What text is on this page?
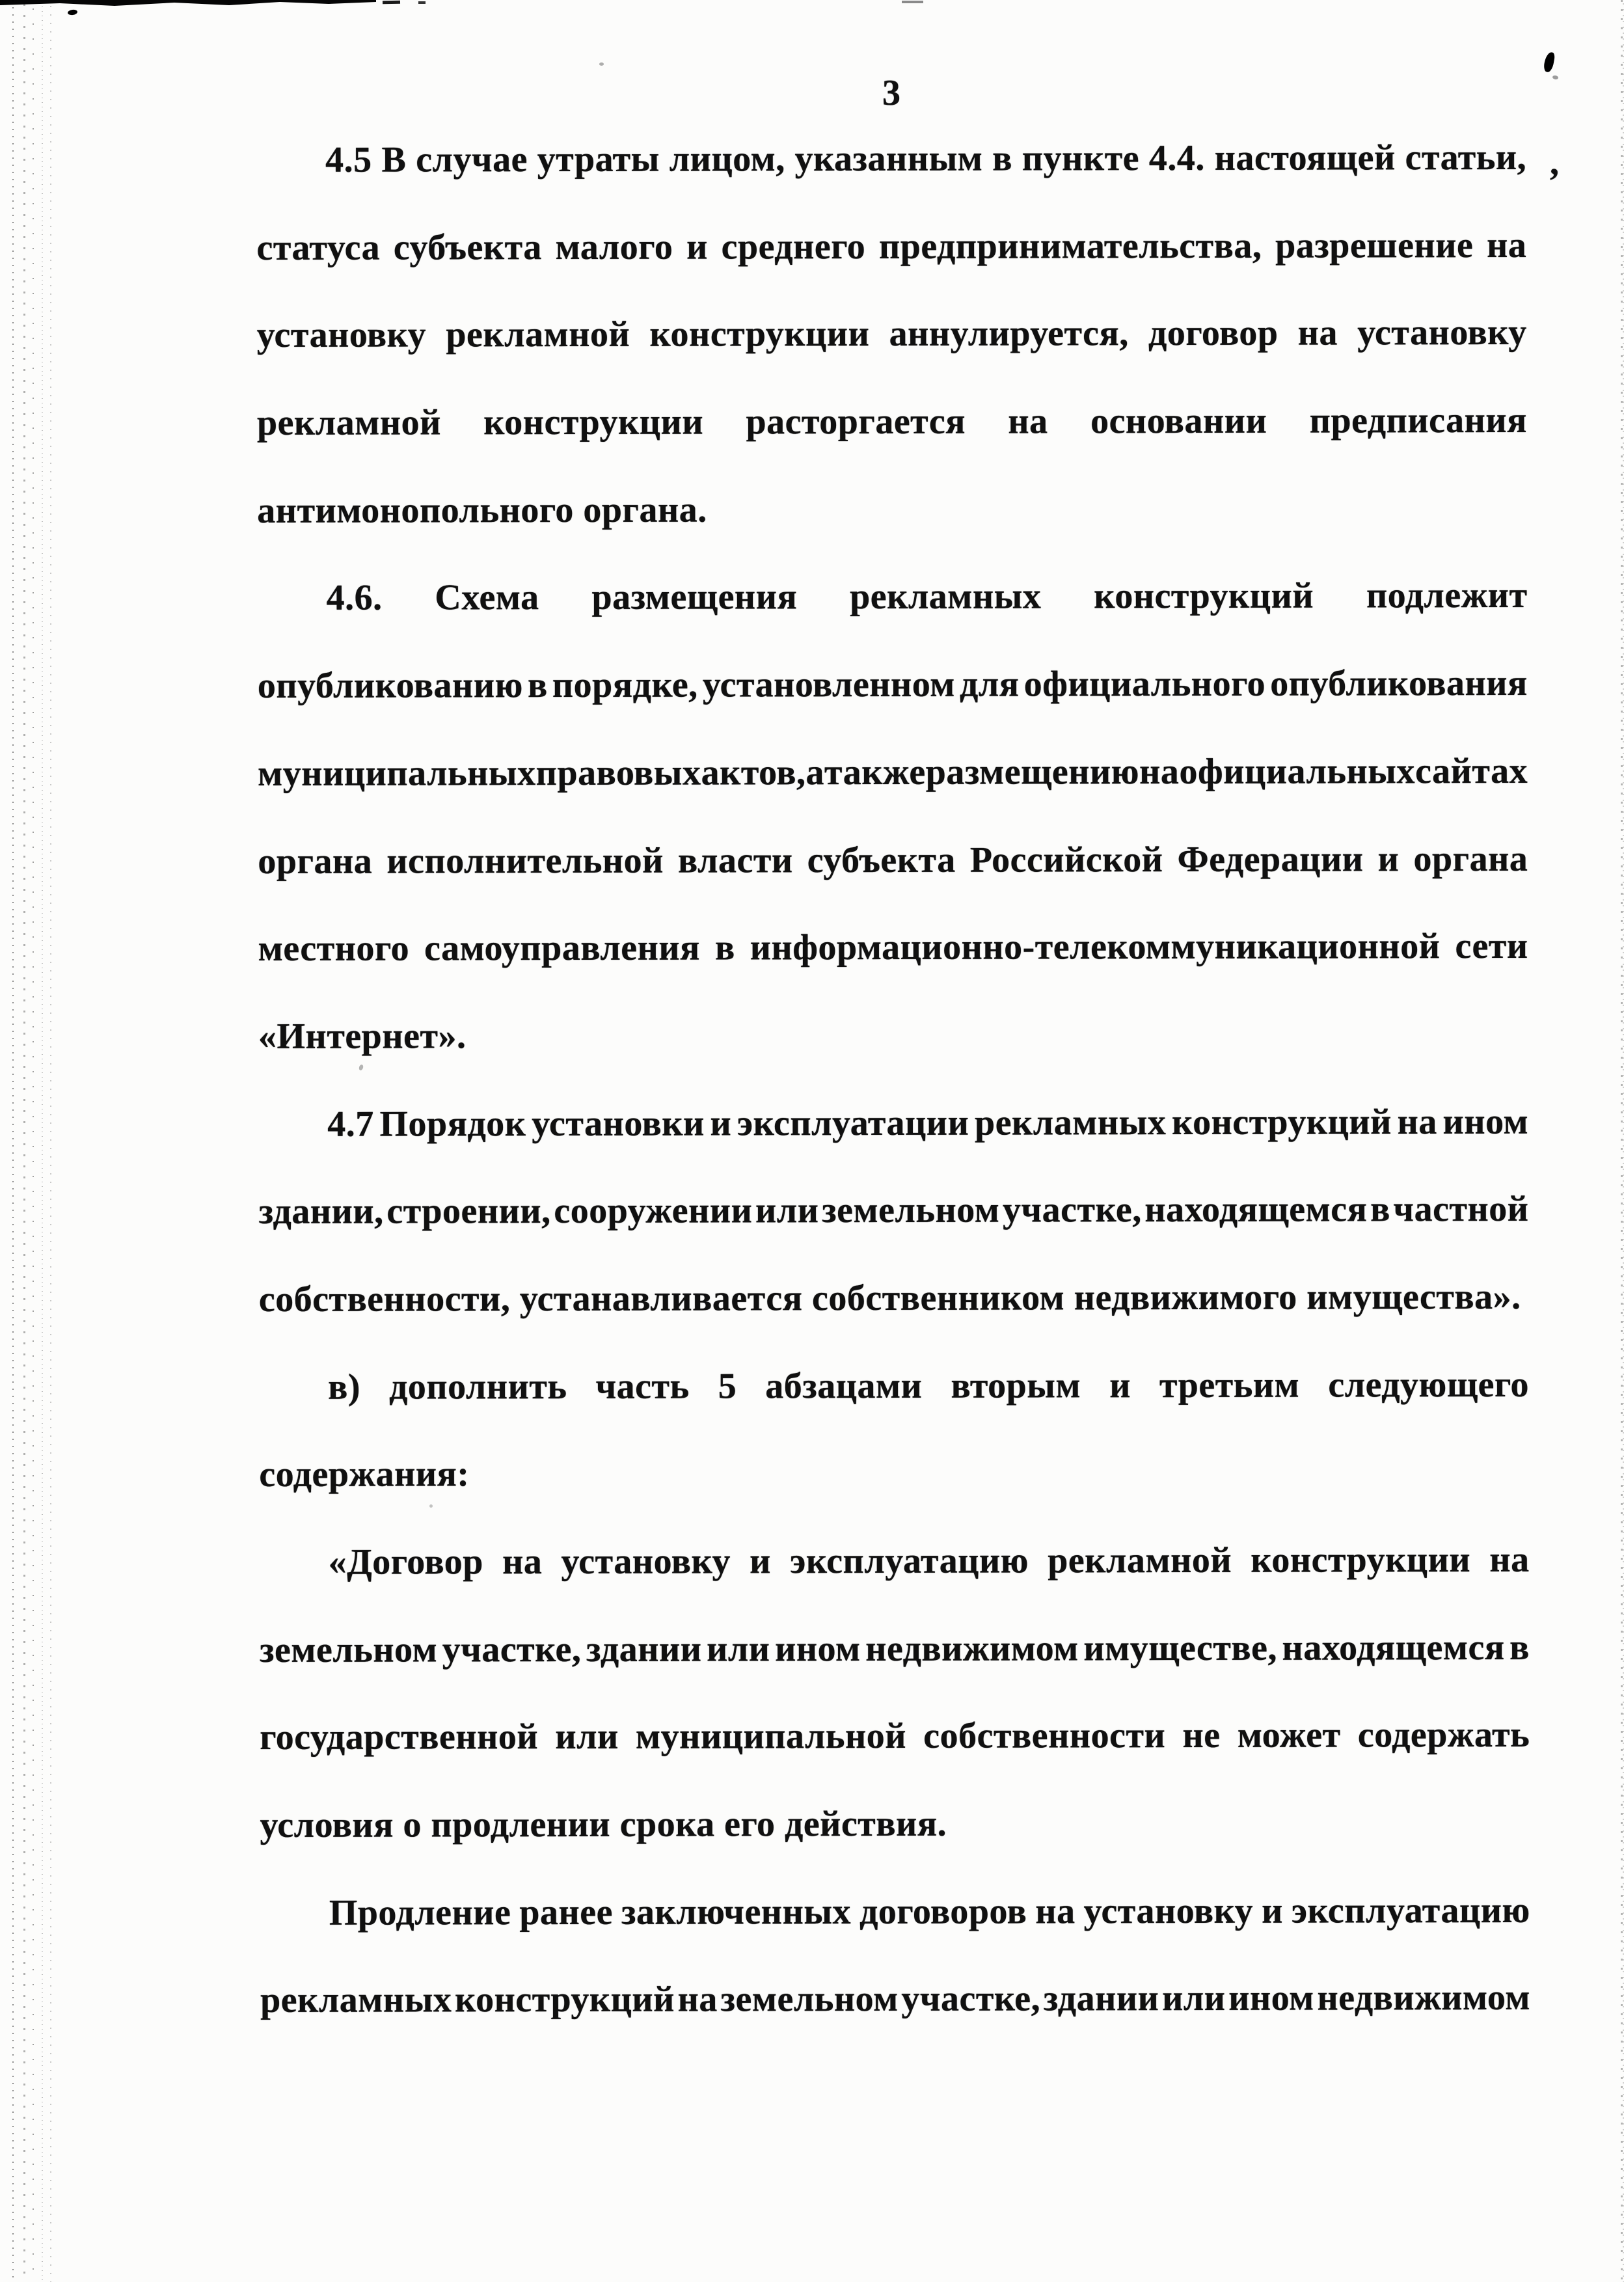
3
,
4.5 В случае утраты лицом, указанным в пункте 4.4. настоящей статьи,
статуса субъекта малого и среднего предпринимательства, разрешение на
установку рекламной конструкции аннулируется, договор на установку
рекламной конструкции расторгается на основании предписания
антимонопольного органа.
4.6. Схема размещения рекламных конструкций подлежит
опубликованию в порядке, установленном для официального опубликования
муниципальных правовых актов, а также размещению на официальных сайтах
органа исполнительной власти субъекта Российской Федерации и органа
местного самоуправления в информационно-телекоммуникационной сети
«Интернет».
4.7 Порядок установки и эксплуатации рекламных конструкций на ином
здании, строении, сооружении или земельном участке, находящемся в частной
собственности, устанавливается собственником недвижимого имущества».
в) дополнить часть 5 абзацами вторым и третьим следующего
содержания:
«Договор на установку и эксплуатацию рекламной конструкции на
земельном участке, здании или ином недвижимом имуществе, находящемся в
государственной или муниципальной собственности не может содержать
условия о продлении срока его действия.
Продление ранее заключенных договоров на установку и эксплуатацию
рекламных конструкций на земельном участке, здании или ином недвижимом
